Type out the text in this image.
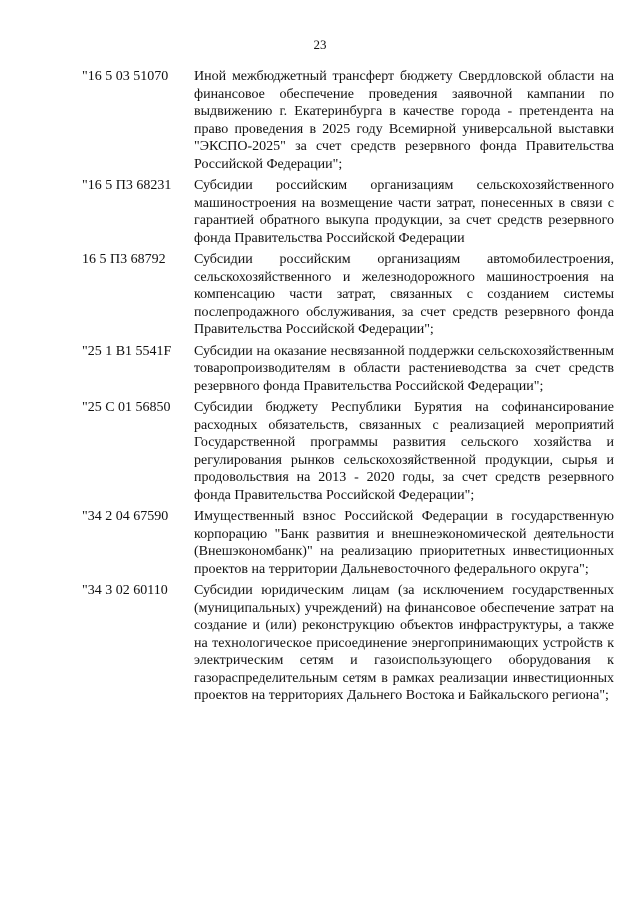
23
"16 5 03 51070	Иной межбюджетный трансферт бюджету Свердловской области на финансовое обеспечение проведения заявочной кампании по выдвижению г. Екатеринбурга в качестве города - претендента на право проведения в 2025 году Всемирной универсальной выставки "ЭКСПО-2025" за счет средств резервного фонда Правительства Российской Федерации";
"16 5 П3 68231	Субсидии российским организациям сельскохозяйственного машиностроения на возмещение части затрат, понесенных в связи с гарантией обратного выкупа продукции, за счет средств резервного фонда Правительства Российской Федерации
16 5 П3 68792	Субсидии российским организациям автомобилестроения, сельскохозяйственного и железнодорожного машиностроения на компенсацию части затрат, связанных с созданием системы послепродажного обслуживания, за счет средств резервного фонда Правительства Российской Федерации";
"25 1 B1 5541F	Субсидии на оказание несвязанной поддержки сельскохозяйственным товаропроизводителям в области растениеводства за счет средств резервного фонда Правительства Российской Федерации";
"25 C 01 56850	Субсидии бюджету Республики Бурятия на софинансирование расходных обязательств, связанных с реализацией мероприятий Государственной программы развития сельского хозяйства и регулирования рынков сельскохозяйственной продукции, сырья и продовольствия на 2013 - 2020 годы, за счет средств резервного фонда Правительства Российской Федерации";
"34 2 04 67590	Имущественный взнос Российской Федерации в государственную корпорацию "Банк развития и внешнеэкономической деятельности (Внешэкономбанк)" на реализацию приоритетных инвестиционных проектов на территории Дальневосточного федерального округа";
"34 3 02 60110	Субсидии юридическим лицам (за исключением государственных (муниципальных) учреждений) на финансовое обеспечение затрат на создание и (или) реконструкцию объектов инфраструктуры, а также на технологическое присоединение энергопринимающих устройств к электрическим сетям и газоиспользующего оборудования к газораспределительным сетям в рамках реализации инвестиционных проектов на территориях Дальнего Востока и Байкальского региона";
